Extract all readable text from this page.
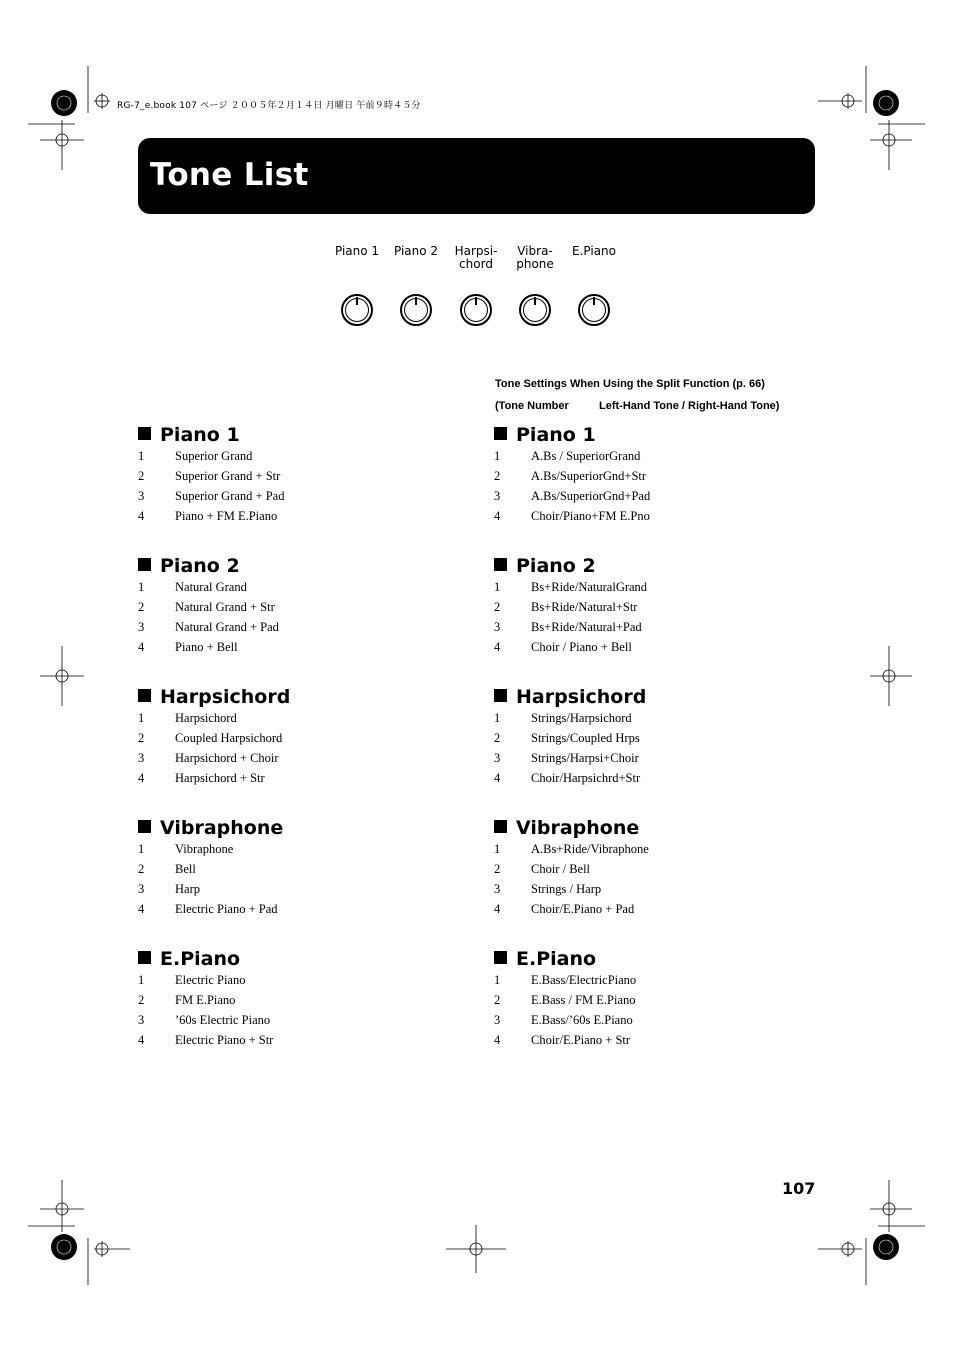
RG-7_e.book 107 ページ ２００５年２月１４日 月曜日 午前９時４５分
Tone List
Piano 1	Piano 2	Harpsi-
chord
Vibra-
phone
E.Piano
Tone Settings When Using the Split Function (p. 66)
(Tone Number	Left-Hand Tone / Right-Hand Tone)
Piano 1
1 Superior Grand
2 Superior Grand + Str
3 Superior Grand + Pad
4 Piano + FM E.Piano
Piano 2
1 Natural Grand
2 Natural Grand + Str
3 Natural Grand + Pad
4 Piano + Bell
Harpsichord
1 Harpsichord
2 Coupled Harpsichord
3 Harpsichord + Choir
4 Harpsichord + Str
Vibraphone
1 Vibraphone
2 Bell
3 Harp
4 Electric Piano + Pad
E.Piano
1 Electric Piano
2 FM E.Piano
3 ’60s Electric Piano
4 Electric Piano + Str
Piano 1
1 A.Bs / SuperiorGrand
2 A.Bs/SuperiorGnd+Str
3 A.Bs/SuperiorGnd+Pad
4 Choir/Piano+FM E.Pno
Piano 2
1 Bs+Ride/NaturalGrand
2 Bs+Ride/Natural+Str
3 Bs+Ride/Natural+Pad
4 Choir / Piano + Bell
Harpsichord
1 Strings/Harpsichord
2 Strings/Coupled Hrps
3 Strings/Harpsi+Choir
4 Choir/Harpsichrd+Str
Vibraphone
1 A.Bs+Ride/Vibraphone
2 Choir / Bell
3 Strings / Harp
4 Choir/E.Piano + Pad
E.Piano
1 E.Bass/ElectricPiano
2 E.Bass / FM E.Piano
3 E.Bass/’60s E.Piano
4 Choir/E.Piano + Str
107
